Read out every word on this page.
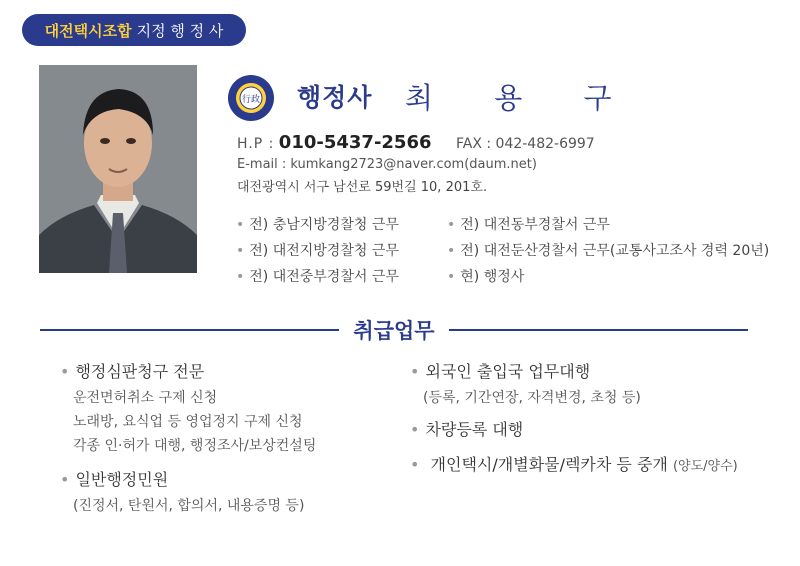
대전택시조합 지정 행 정 사
行政 행정사 최 용 구
H.P : 010-5437-2566 FAX : 042-482-6997
E-mail : kumkang2723@naver.com(daum.net)
대전광역시 서구 남선로 59번길 10, 201호.
• 전) 충남지방경찰청 근무
• 전) 대전지방경찰청 근무
• 전) 대전중부경찰서 근무
• 전) 대전동부경찰서 근무
• 전) 대전둔산경찰서 근무(교통사고조사 경력 20년)
• 현) 행정사
취급업무
• 행정심판청구 전문
운전면허취소 구제 신청
노래방, 요식업 등 영업정지 구제 신청
각종 인·허가 대행, 행정조사/보상컨설팅
• 일반행정민원
(진정서, 탄원서, 합의서, 내용증명 등)
• 외국인 출입국 업무대행
(등록, 기간연장, 자격변경, 초청 등)
• 차량등록 대행
• 개인택시/개별화물/렉카차 등 중개 (양도/양수)
